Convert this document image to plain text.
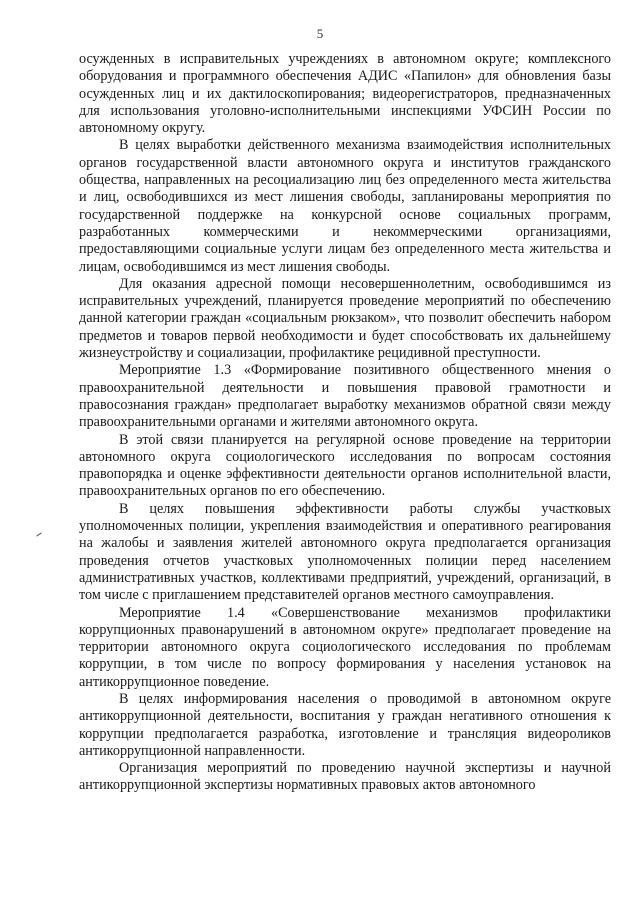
5

осужденных в исправительных учреждениях в автономном округе; комплексного оборудования и программного обеспечения АДИС «Папилон» для обновления базы осужденных лиц и их дактилоскопирования; видеорегистраторов, предназначенных для использования уголовно-исполнительными инспекциями УФСИН России по автономному округу.

В целях выработки действенного механизма взаимодействия исполнительных органов государственной власти автономного округа и институтов гражданского общества, направленных на ресоциализацию лиц без определенного места жительства и лиц, освободившихся из мест лишения свободы, запланированы мероприятия по государственной поддержке на конкурсной основе социальных программ, разработанных коммерческими и некоммерческими организациями, предоставляющими социальные услуги лицам без определенного места жительства и лицам, освободившимся из мест лишения свободы.

Для оказания адресной помощи несовершеннолетним, освободившимся из исправительных учреждений, планируется проведение мероприятий по обеспечению данной категории граждан «социальным рюкзаком», что позволит обеспечить набором предметов и товаров первой необходимости и будет способствовать их дальнейшему жизнеустройству и социализации, профилактике рецидивной преступности.

Мероприятие 1.3 «Формирование позитивного общественного мнения о правоохранительной деятельности и повышения правовой грамотности и правосознания граждан» предполагает выработку механизмов обратной связи между правоохранительными органами и жителями автономного округа.

В этой связи планируется на регулярной основе проведение на территории автономного округа социологического исследования по вопросам состояния правопорядка и оценке эффективности деятельности органов исполнительной власти, правоохранительных органов по его обеспечению.

В целях повышения эффективности работы службы участковых уполномоченных полиции, укрепления взаимодействия и оперативного реагирования на жалобы и заявления жителей автономного округа предполагается организация проведения отчетов участковых уполномоченных полиции перед населением административных участков, коллективами предприятий, учреждений, организаций, в том числе с приглашением представителей органов местного самоуправления.

Мероприятие 1.4 «Совершенствование механизмов профилактики коррупционных правонарушений в автономном округе» предполагает проведение на территории автономного округа социологического исследования по проблемам коррупции, в том числе по вопросу формирования у населения установок на антикоррупционное поведение.

В целях информирования населения о проводимой в автономном округе антикоррупционной деятельности, воспитания у граждан негативного отношения к коррупции предполагается разработка, изготовление и трансляция видеороликов антикоррупционной направленности.

Организация мероприятий по проведению научной экспертизы и научной антикоррупционной экспертизы нормативных правовых актов автономного
